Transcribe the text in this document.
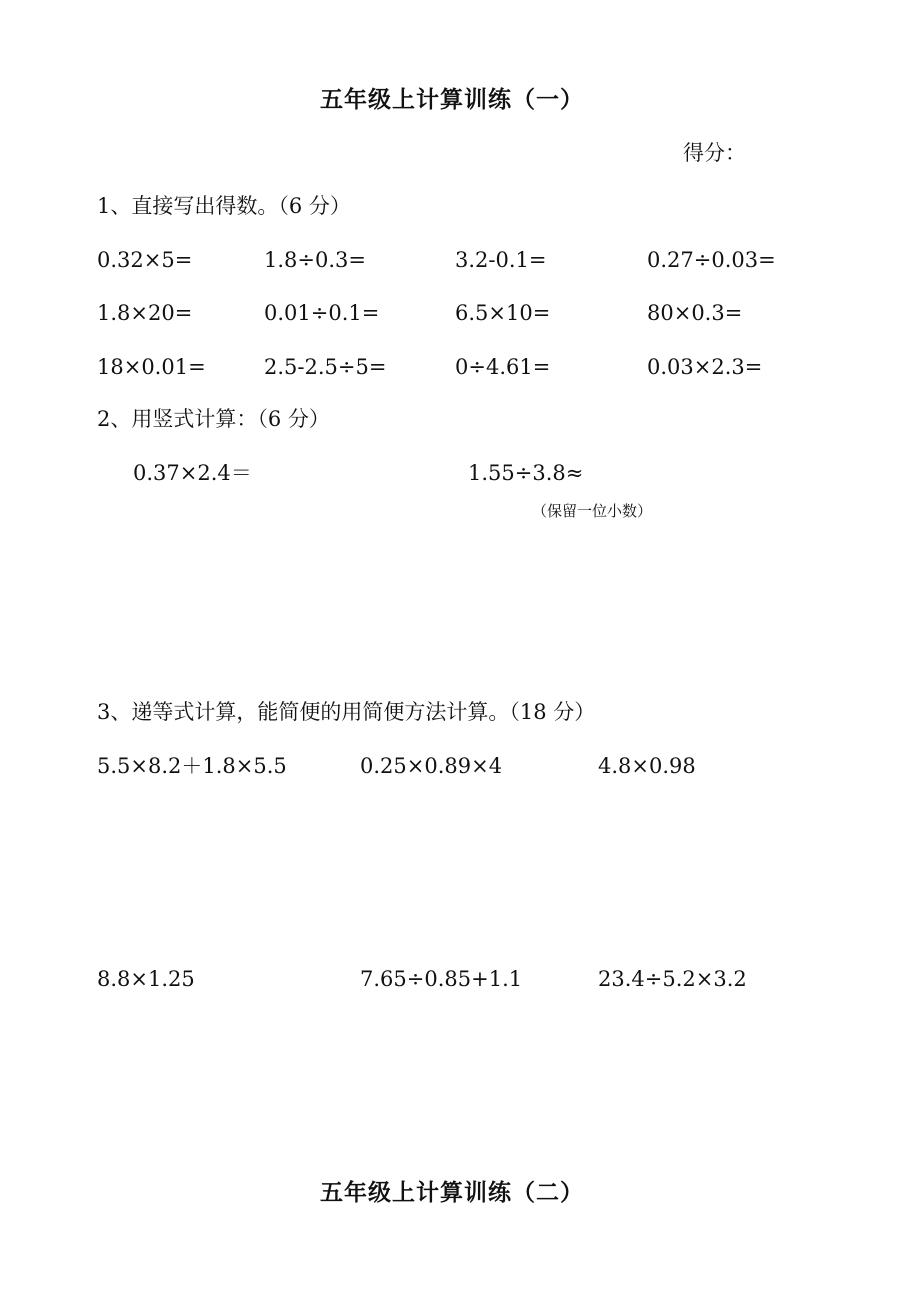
五年级上计算训练（一）
得分：
1、直接写出得数。（6 分）
0.32×5=	1.8÷0.3=	3.2-0.1=	0.27÷0.03=
1.8×20=	0.01÷0.1=	6.5×10=	80×0.3=
18×0.01=	2.5-2.5÷5=	0÷4.61=	0.03×2.3=
2、用竖式计算：（6 分）
0.37×2.4＝	1.55÷3.8≈
（保留一位小数）
3、递等式计算，能简便的用简便方法计算。（18 分）
5.5×8.2＋1.8×5.5	0.25×0.89×4	4.8×0.98
8.8×1.25	7.65÷0.85+1.1	23.4÷5.2×3.2
五年级上计算训练（二）
